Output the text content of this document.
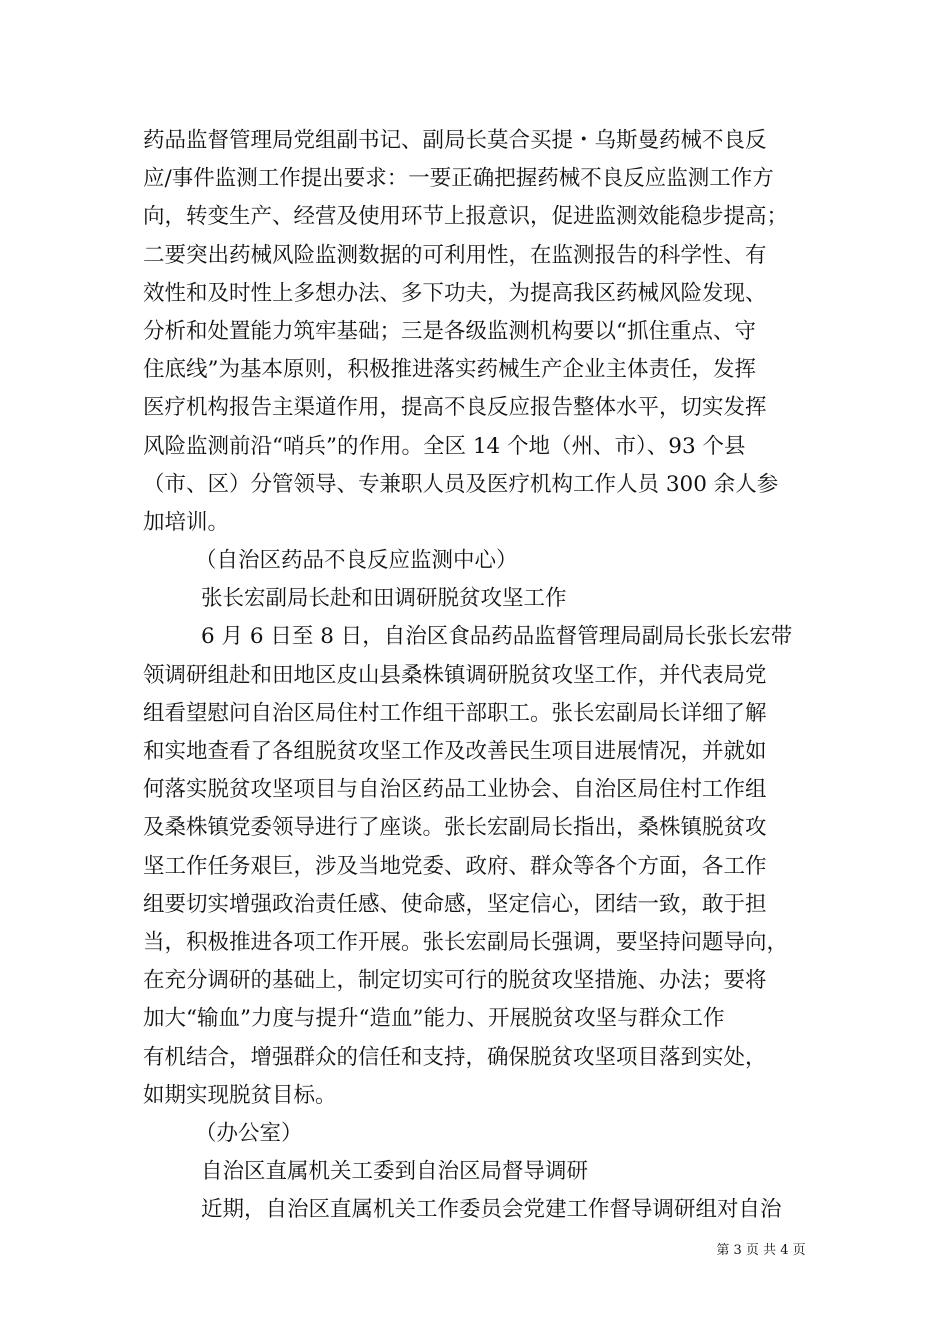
药品监督管理局党组副书记、副局长莫合买提・乌斯曼药械不良反
应/事件监测工作提出要求：一要正确把握药械不良反应监测工作方
向，转变生产、经营及使用环节上报意识，促进监测效能稳步提高；
二要突出药械风险监测数据的可利用性，在监测报告的科学性、有
效性和及时性上多想办法、多下功夫，为提高我区药械风险发现、
分析和处置能力筑牢基础；三是各级监测机构要以“抓住重点、守
住底线”为基本原则，积极推进落实药械生产企业主体责任，发挥
医疗机构报告主渠道作用，提高不良反应报告整体水平，切实发挥
风险监测前沿“哨兵”的作用。全区 14 个地（州、市）、93 个县
（市、区）分管领导、专兼职人员及医疗机构工作人员 300 余人参
加培训。
（自治区药品不良反应监测中心）
张长宏副局长赴和田调研脱贫攻坚工作
6 月 6 日至 8 日，自治区食品药品监督管理局副局长张长宏带
领调研组赴和田地区皮山县桑株镇调研脱贫攻坚工作，并代表局党
组看望慰问自治区局住村工作组干部职工。张长宏副局长详细了解
和实地查看了各组脱贫攻坚工作及改善民生项目进展情况，并就如
何落实脱贫攻坚项目与自治区药品工业协会、自治区局住村工作组
及桑株镇党委领导进行了座谈。张长宏副局长指出，桑株镇脱贫攻
坚工作任务艰巨，涉及当地党委、政府、群众等各个方面，各工作
组要切实增强政治责任感、使命感，坚定信心，团结一致，敢于担
当，积极推进各项工作开展。张长宏副局长强调，要坚持问题导向，
在充分调研的基础上，制定切实可行的脱贫攻坚措施、办法；要将
加大“输血”力度与提升“造血”能力、开展脱贫攻坚与群众工作
有机结合，增强群众的信任和支持，确保脱贫攻坚项目落到实处，
如期实现脱贫目标。
（办公室）
自治区直属机关工委到自治区局督导调研
近期，自治区直属机关工作委员会党建工作督导调研组对自治
第 3 页 共 4 页
